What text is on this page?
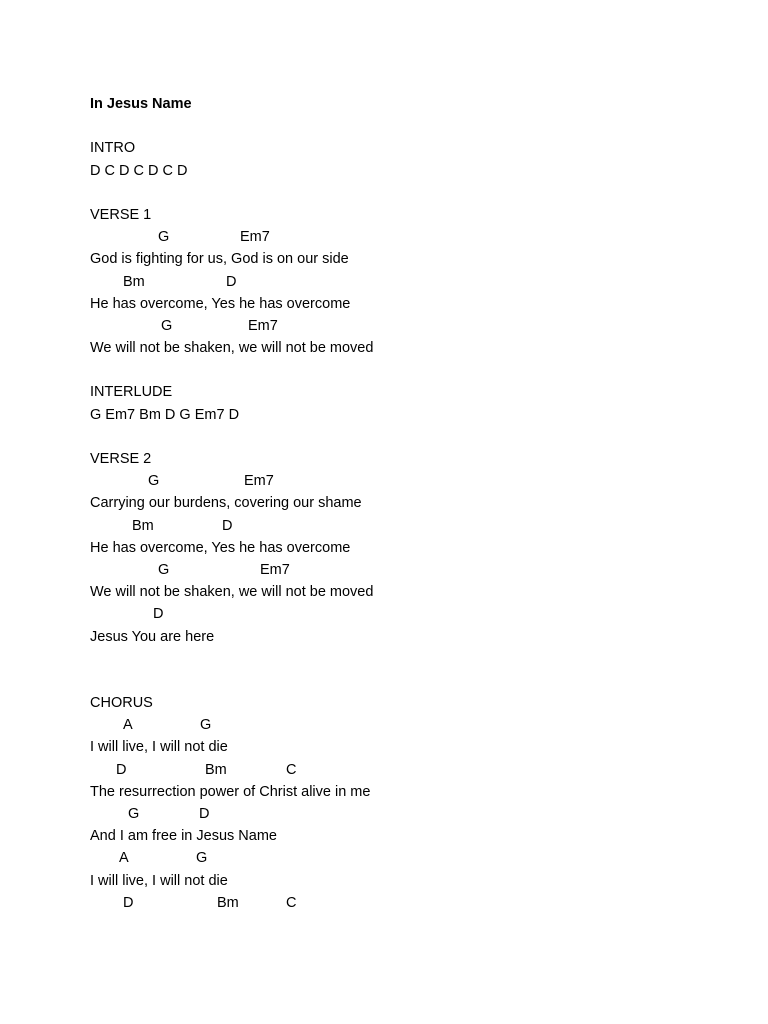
In Jesus Name
INTRO
D C D C D C D
VERSE 1

G

	Em7

God is fighting for us, God is on our side

Bm

	D

He has overcome, Yes he has overcome

G

	Em7

We will not be shaken, we will not be moved
INTERLUDE
G Em7 Bm D G Em7 D
VERSE 2

G

	Em7

Carrying our burdens, covering our shame

Bm

	D

He has overcome, Yes he has overcome

G

	Em7

We will not be shaken, we will not be moved

D

Jesus You are here
CHORUS

A

	G

I will live, I will not die

D

	Bm

	C

The resurrection power of Christ alive in me

G

	D

And I am free in Jesus Name

A

	G

I will live, I will not die

D

	Bm

	C
